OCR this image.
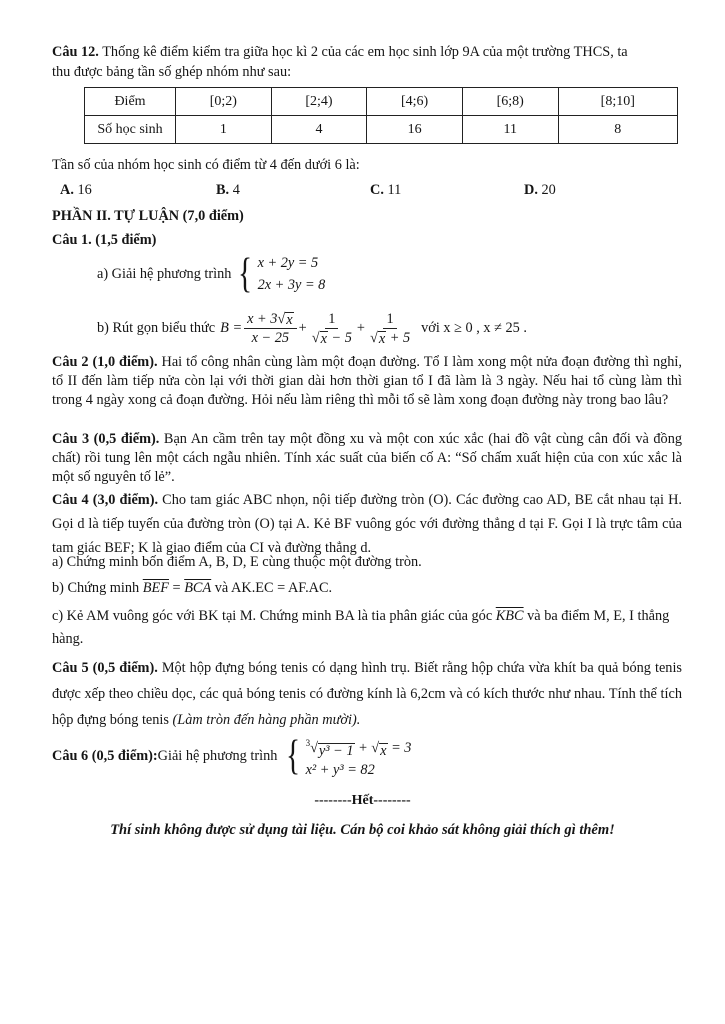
Câu 12. Thống kê điểm kiểm tra giữa học kì 2 của các em học sinh lớp 9A của một trường THCS, ta
thu được bảng tần số ghép nhóm như sau:
Điểm	[0;2)	[2;4)	[4;6)	[6;8)	[8;10]
Số học sinh	1	4	16	11	8
Tần số của nhóm học sinh có điểm từ 4 đến dưới 6 là:
A. 16	B. 4	C. 11	D. 20
PHẦN II. TỰ LUẬN (7,0 điểm)
Câu 1. (1,5 điểm)
a) Giải hệ phương trình { x + 2y = 5
2x + 3y = 8
b) Rút gọn biểu thức $B = \frac{x + 3 √ x}{x - 25} + \frac{1}{√ x - 5} + \frac{1}{√ x + 5}$ với x ≥ 0 , x ≠ 25 .
Câu 2 (1,0 điểm). Hai tổ công nhân cùng làm một đoạn đường. Tổ I làm xong một nửa đoạn đường thì nghỉ, tổ II đến làm tiếp nửa còn lại với thời gian dài hơn thời gian tổ I đã làm là 3 ngày. Nếu hai tổ cùng làm thì trong 4 ngày xong cả đoạn đường. Hỏi nếu làm riêng thì mỗi tổ sẽ làm xong đoạn đường này trong bao lâu?
Câu 3 (0,5 điểm). Bạn An cầm trên tay một đồng xu và một con xúc xắc (hai đồ vật cùng cân đối và đồng chất) rồi tung lên một cách ngẫu nhiên. Tính xác suất của biến cố A: “Số chấm xuất hiện của con xúc xắc là một số nguyên tố lẻ”.
Câu 4 (3,0 điểm). Cho tam giác ABC nhọn, nội tiếp đường tròn (O). Các đường cao AD, BE cắt nhau tại H. Gọi d là tiếp tuyến của đường tròn (O) tại A. Kẻ BF vuông góc với đường thẳng d tại F. Gọi I là trực tâm của tam giác BEF; K là giao điểm của CI và đường thẳng d.
a) Chứng minh bốn điểm A, B, D, E cùng thuộc một đường tròn.
b) Chứng minh $\overline{BEF} = \overline{BCA}$ và AK.EC = AF.AC.
c) Kẻ AM vuông góc với BK tại M. Chứng minh BA là tia phân giác của góc $\overline{KBC}$ và ba điểm M, E, I thẳng hàng.
Câu 5 (0,5 điểm). Một hộp đựng bóng tenis có dạng hình trụ. Biết rằng hộp chứa vừa khít ba quả bóng tenis được xếp theo chiều dọc, các quả bóng tenis có đường kính là 6,2cm và có kích thước như nhau. Tính thể tích hộp đựng bóng tenis (Làm tròn đến hàng phần mười).
Câu 6 (0,5 điểm): Giải hệ phương trình { $^3$ √ y³ − 1 + √ x = 3
x² + y³ = 82
--------Hết--------
Thí sinh không được sử dụng tài liệu. Cán bộ coi khảo sát không giải thích gì thêm!
